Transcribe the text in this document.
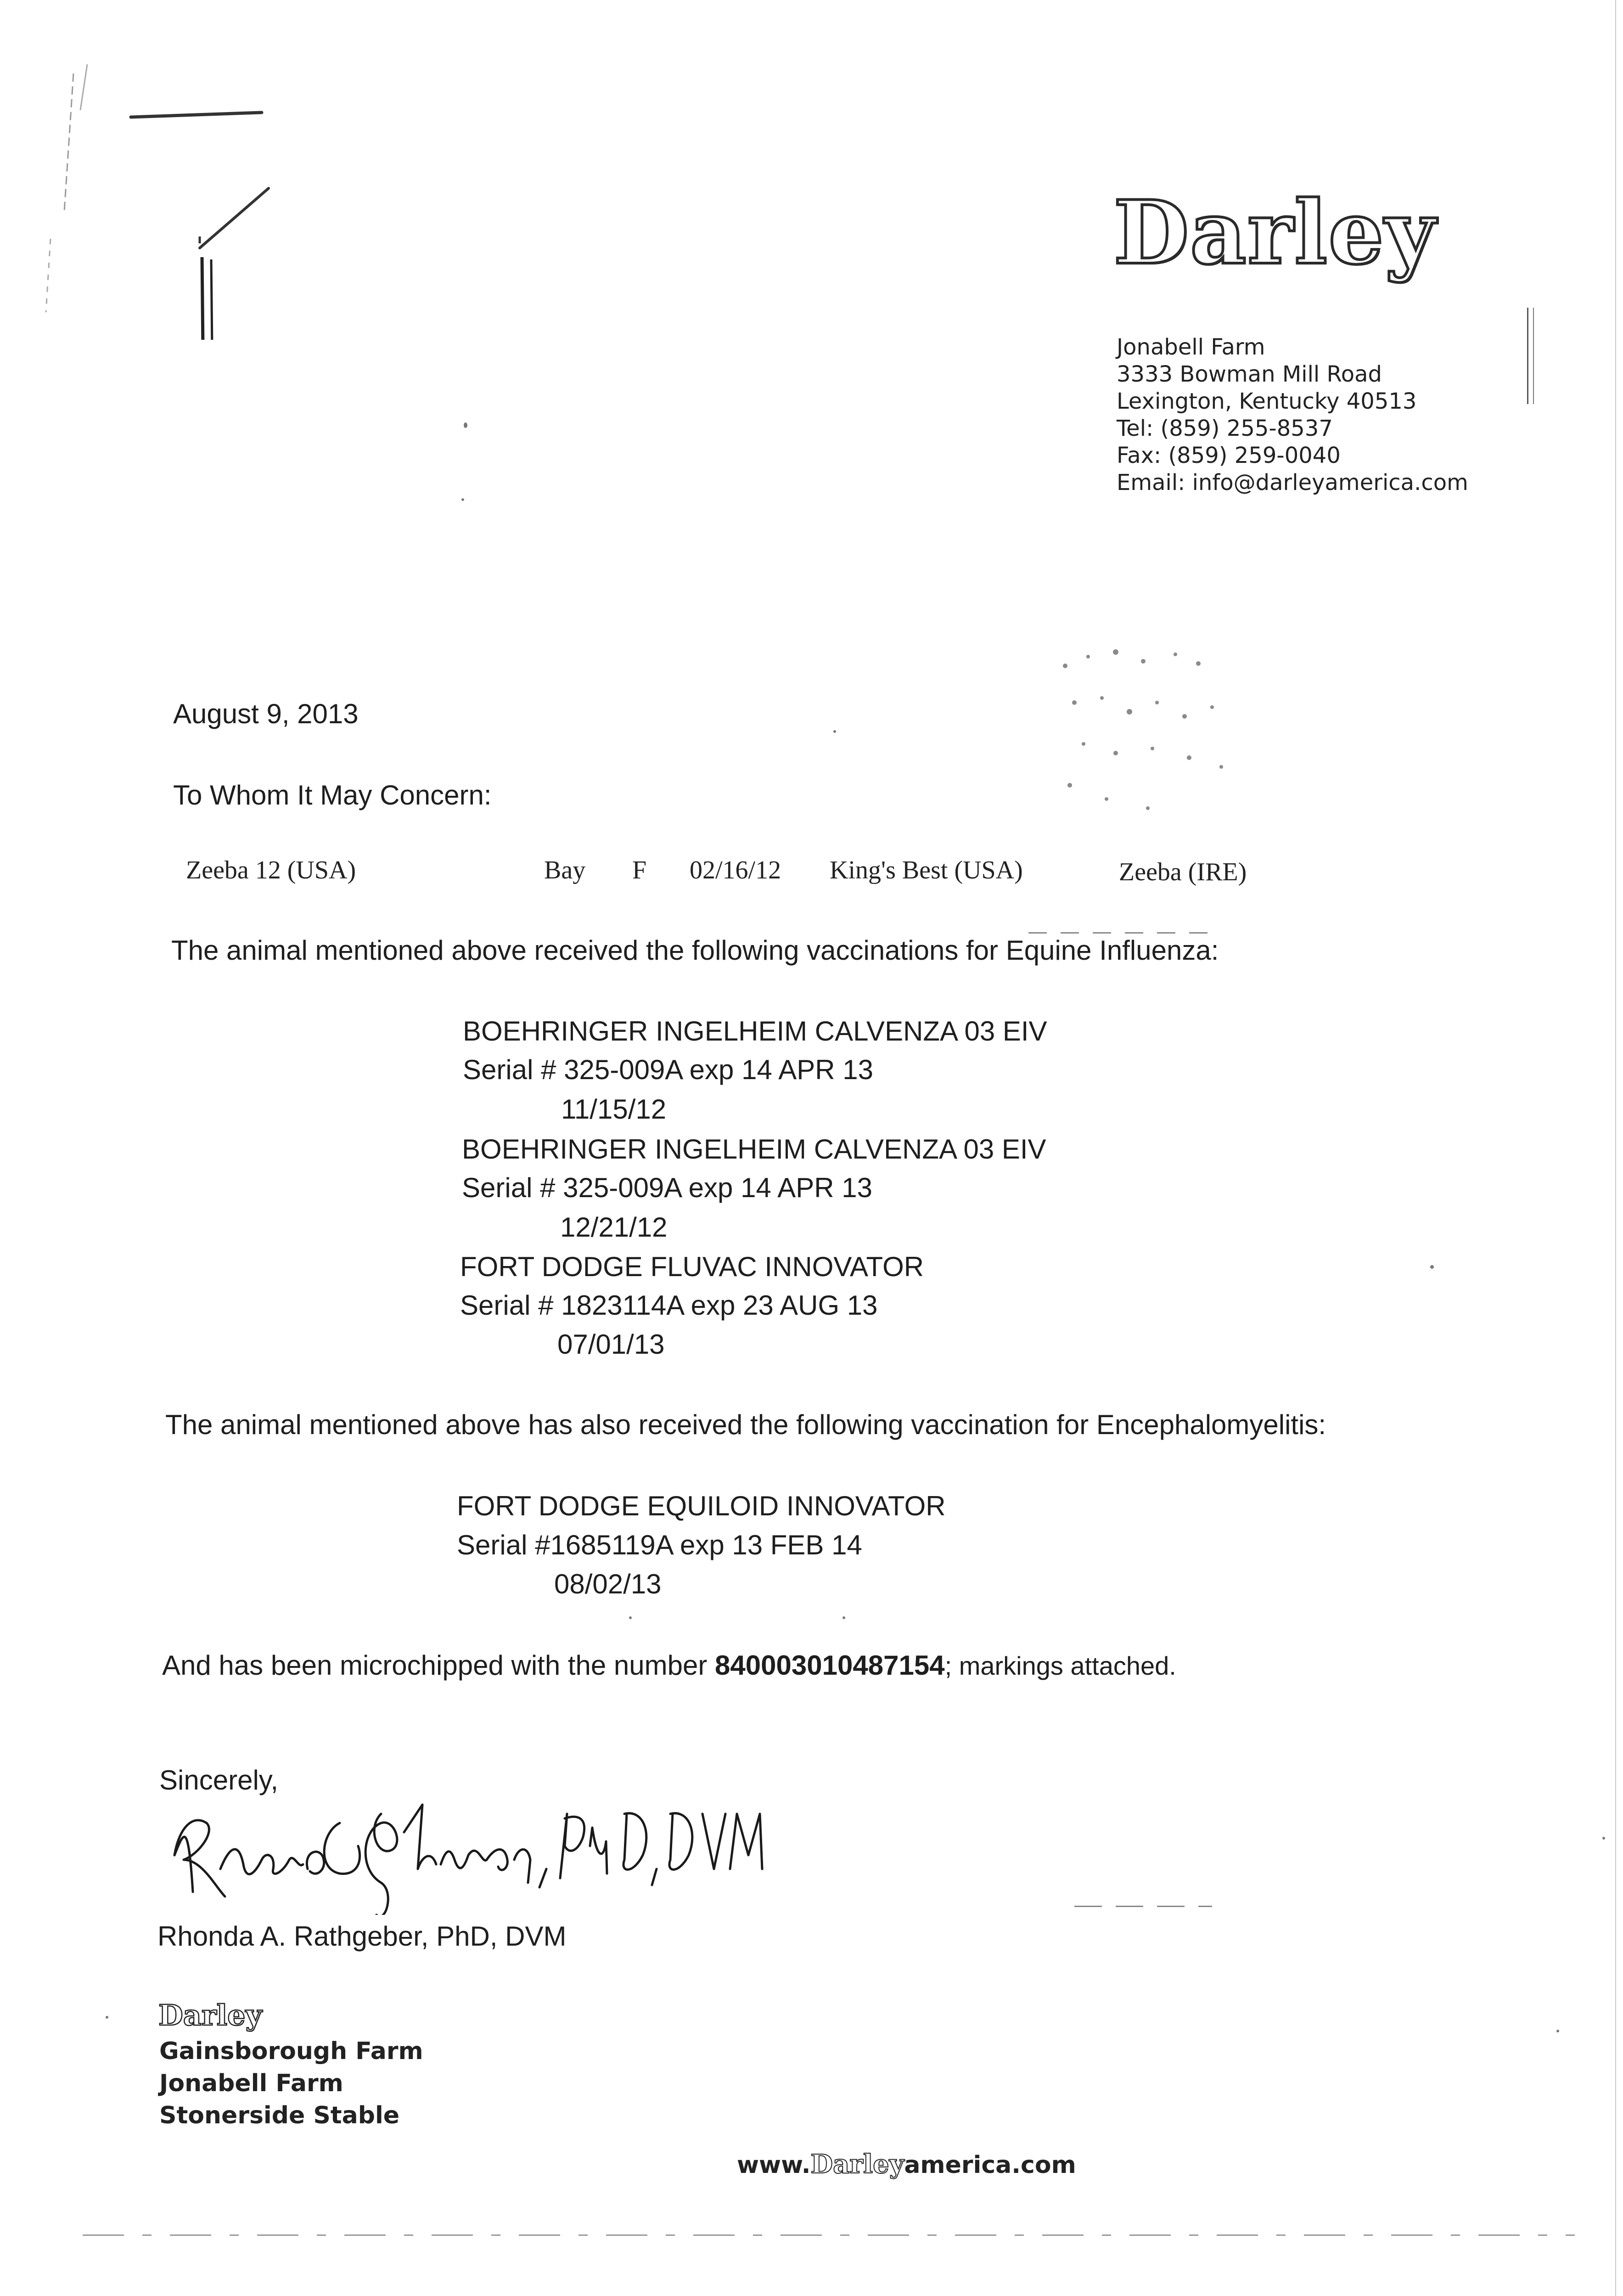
Darley
Jonabell Farm
3333 Bowman Mill Road
Lexington, Kentucky 40513
Tel: (859) 255-8537
Fax: (859) 259-0040
Email: info@darleyamerica.com
August 9, 2013
To Whom It May Concern:
Zeeba 12 (USA)	Bay F 02/16/12 King's Best (USA)	Zeeba (IRE)
The animal mentioned above received the following vaccinations for Equine Influenza:
BOEHRINGER INGELHEIM CALVENZA 03 EIV
Serial # 325-009A exp 14 APR 13
11/15/12
BOEHRINGER INGELHEIM CALVENZA 03 EIV
Serial # 325-009A exp 14 APR 13
12/21/12
FORT DODGE FLUVAC INNOVATOR
Serial # 1823114A exp 23 AUG 13
07/01/13
The animal mentioned above has also received the following vaccination for Encephalomyelitis:
FORT DODGE EQUILOID INNOVATOR
Serial #1685119A exp 13 FEB 14
08/02/13
And has been microchipped with the number 840003010487154; markings attached.
Sincerely,
Rhonda A. Rathgeber, PhD, DVM
Darley
Gainsborough Farm
Jonabell Farm
Stonerside Stable
www.Darleyamerica.com
